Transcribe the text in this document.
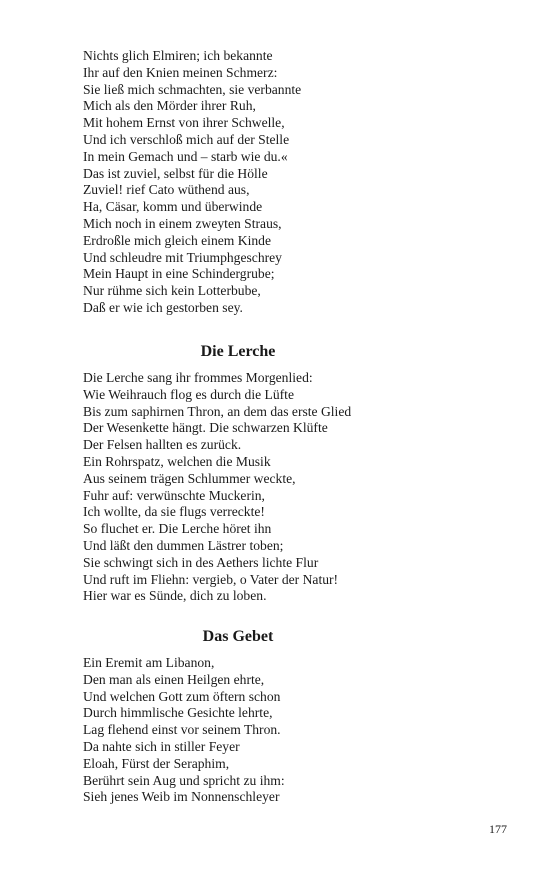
Nichts glich Elmiren; ich bekannte
Ihr auf den Knien meinen Schmerz:
Sie ließ mich schmachten, sie verbannte
Mich als den Mörder ihrer Ruh,
Mit hohem Ernst von ihrer Schwelle,
Und ich verschloß mich auf der Stelle
In mein Gemach und – starb wie du.«
Das ist zuviel, selbst für die Hölle
Zuviel! rief Cato wüthend aus,
Ha, Cäsar, komm und überwinde
Mich noch in einem zweyten Straus,
Erdroßle mich gleich einem Kinde
Und schleudre mit Triumphgeschrey
Mein Haupt in eine Schindergrube;
Nur rühme sich kein Lotterbube,
Daß er wie ich gestorben sey.
Die Lerche
Die Lerche sang ihr frommes Morgenlied:
Wie Weihrauch flog es durch die Lüfte
Bis zum saphirnen Thron, an dem das erste Glied
Der Wesenkette hängt. Die schwarzen Klüfte
Der Felsen hallten es zurück.
Ein Rohrspatz, welchen die Musik
Aus seinem trägen Schlummer weckte,
Fuhr auf: verwünschte Muckerin,
Ich wollte, da sie flugs verreckte!
So fluchet er. Die Lerche höret ihn
Und läßt den dummen Lästrer toben;
Sie schwingt sich in des Aethers lichte Flur
Und ruft im Fliehn: vergieb, o Vater der Natur!
Hier war es Sünde, dich zu loben.
Das Gebet
Ein Eremit am Libanon,
Den man als einen Heilgen ehrte,
Und welchen Gott zum öftern schon
Durch himmlische Gesichte lehrte,
Lag flehend einst vor seinem Thron.
Da nahte sich in stiller Feyer
Eloah, Fürst der Seraphim,
Berührt sein Aug und spricht zu ihm:
Sieh jenes Weib im Nonnenschleyer
177
